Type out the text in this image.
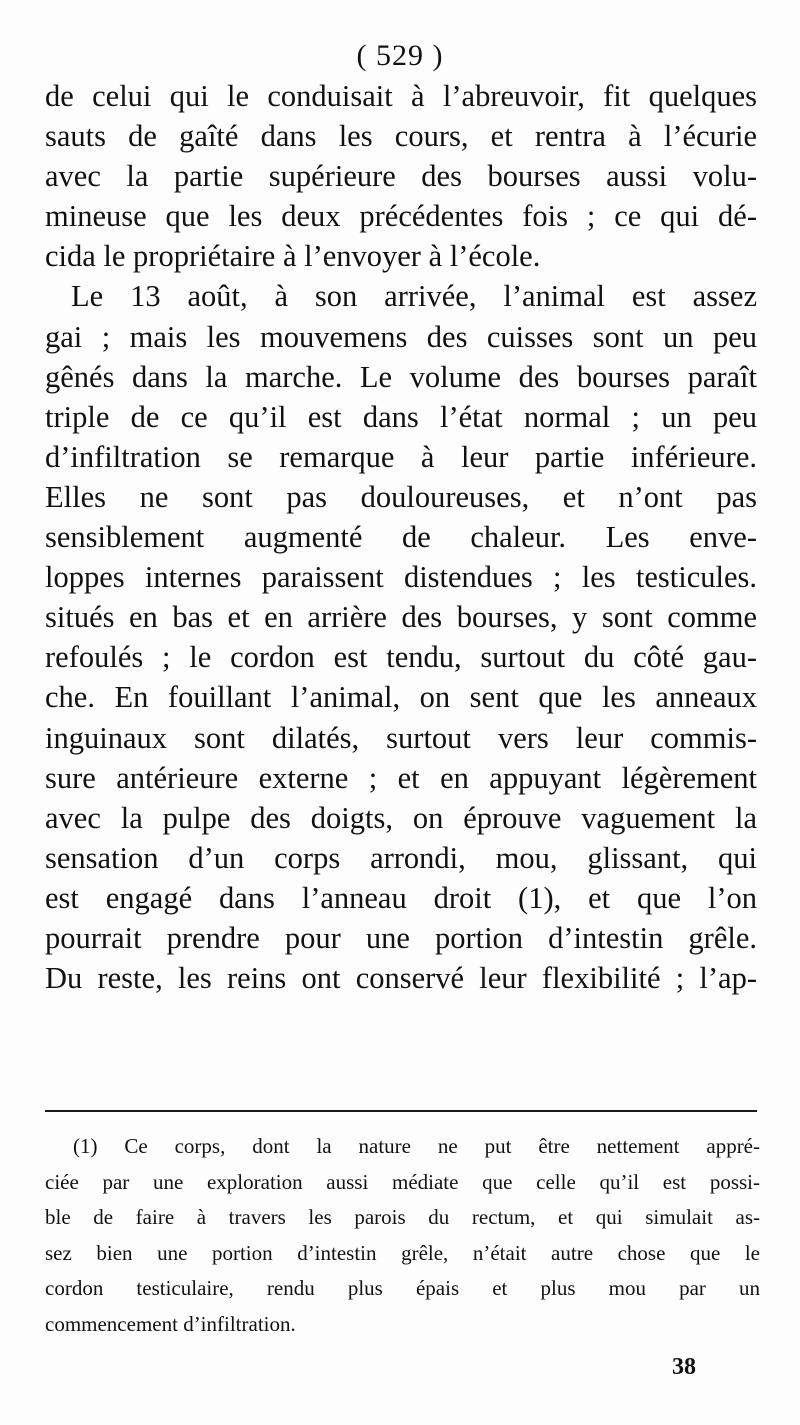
( 529 )
de celui qui le conduisait à l’abreuvoir, fit quelques
sauts de gaîté dans les cours, et rentra à l’écurie
avec la partie supérieure des bourses aussi volu-
mineuse que les deux précédentes fois ; ce qui dé-
cida le propriétaire à l’envoyer à l’école.
Le 13 août, à son arrivée, l’animal est assez
gai ; mais les mouvemens des cuisses sont un peu
gênés dans la marche. Le volume des bourses paraît
triple de ce qu’il est dans l’état normal ; un peu
d’infiltration se remarque à leur partie inférieure.
Elles ne sont pas douloureuses, et n’ont pas
sensiblement augmenté de chaleur. Les enve-
loppes internes paraissent distendues ; les testicules.
situés en bas et en arrière des bourses, y sont comme
refoulés ; le cordon est tendu, surtout du côté gau-
che. En fouillant l’animal, on sent que les anneaux
inguinaux sont dilatés, surtout vers leur commis-
sure antérieure externe ; et en appuyant légèrement
avec la pulpe des doigts, on éprouve vaguement la
sensation d’un corps arrondi, mou, glissant, qui
est engagé dans l’anneau droit (1), et que l’on
pourrait prendre pour une portion d’intestin grêle.
Du reste, les reins ont conservé leur flexibilité ; l’ap-
(1) Ce corps, dont la nature ne put être nettement appré-
ciée par une exploration aussi médiate que celle qu’il est possi-
ble de faire à travers les parois du rectum, et qui simulait as-
sez bien une portion d’intestin grêle, n’était autre chose que le
cordon testiculaire, rendu plus épais et plus mou par un
commencement d’infiltration.
38
